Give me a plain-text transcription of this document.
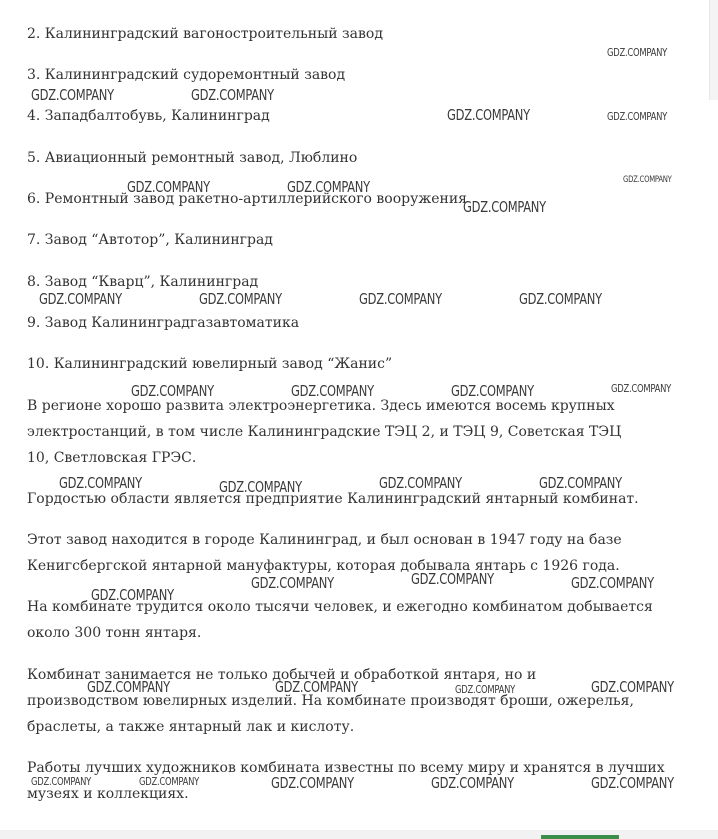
2. Калининградский вагоностроительный завод

3. Калининградский судоремонтный завод

4. Западбалтобувь, Калининград

5. Авиационный ремонтный завод, Люблино

6. Ремонтный завод ракетно-артиллерийского вооружения

7. Завод “Автотор”, Калининград

8. Завод “Кварц”, Калининград

9. Завод Калининградгазавтоматика

10. Калининградский ювелирный завод “Жанис”

В регионе хорошо развита электроэнергетика. Здесь имеются восемь крупных электростанций, в том числе Калининградские ТЭЦ 2, и ТЭЦ 9, Советская ТЭЦ 10, Светловская ГРЭС.

Гордостью области является предприятие Калининградский янтарный комбинат.

Этот завод находится в городе Калининград, и был основан в 1947 году на базе Кенигсбергской янтарной мануфактуры, которая добывала янтарь с 1926 года.

На комбинате трудится около тысячи человек, и ежегодно комбинатом добывается около 300 тонн янтаря.

Комбинат занимается не только добычей и обработкой янтаря, но и производством ювелирных изделий. На комбинате производят броши, ожерелья, браслеты, а также янтарный лак и кислоту.

Работы лучших художников комбината известны по всему миру и хранятся в лучших музеях и коллекциях.

GDZ.COMPANY
GDZ.COMPANY	GDZ.COMPANY
GDZ.COMPANY	GDZ.COMPANY
GDZ.COMPANY
GDZ.COMPANY	GDZ.COMPANY
GDZ.COMPANY
GDZ.COMPANY	GDZ.COMPANY	GDZ.COMPANY	GDZ.COMPANY
GDZ.COMPANY	GDZ.COMPANY	GDZ.COMPANY	GDZ.COMPANY
GDZ.COMPANY	GDZ.COMPANY	GDZ.COMPANY	GDZ.COMPANY
GDZ.COMPANY
GDZ.COMPANY	GDZ.COMPANY	GDZ.COMPANY
GDZ.COMPANY	GDZ.COMPANY	GDZ.COMPANY	GDZ.COMPANY
GDZ.COMPANY	GDZ.COMPANY	GDZ.COMPANY	GDZ.COMPANY	GDZ.COMPANY
